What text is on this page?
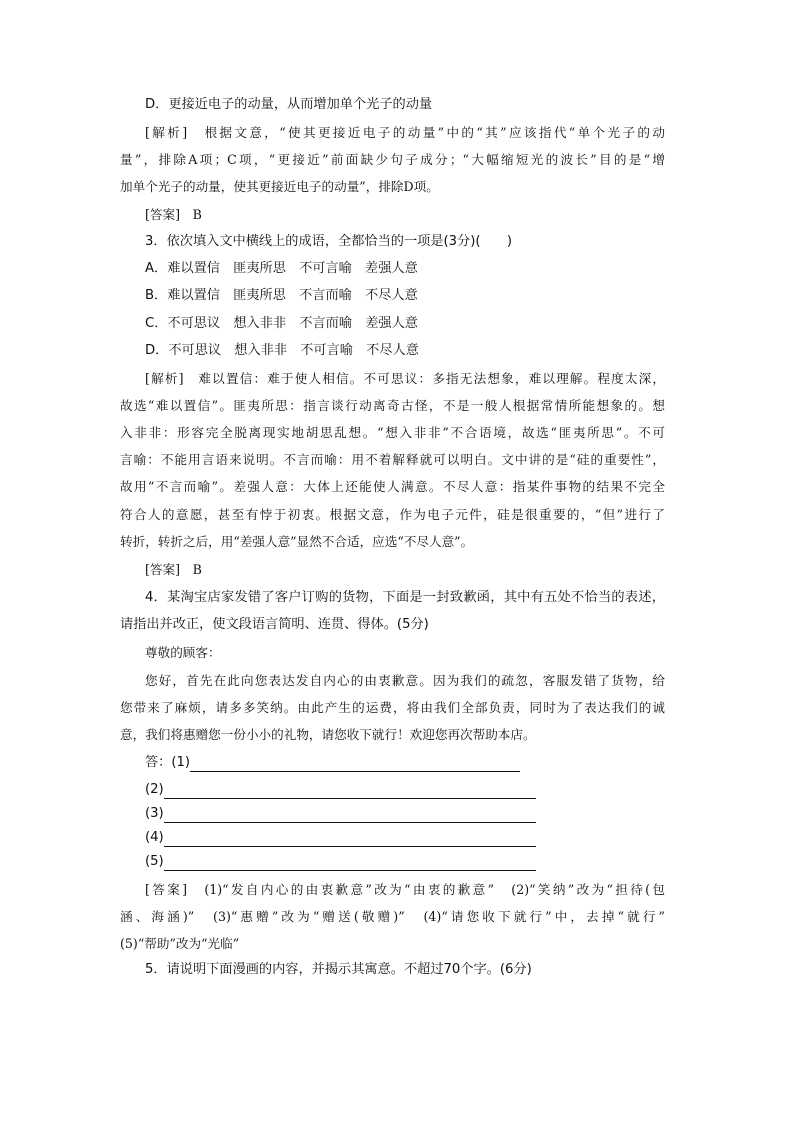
D．更接近电子的动量，从而增加单个光子的动量
[解析]　根据文意，“使其更接近电子的动量”中的“其”应该指代“单个光子的动
量”，排除A项；C项，“更接近”前面缺少句子成分；“大幅缩短光的波长”目的是“增
加单个光子的动量，使其更接近电子的动量”，排除D项。
[答案]　B
3．依次填入文中横线上的成语，全都恰当的一项是(3分)(　　)
A．难以置信　匪夷所思　不可言喻　差强人意
B．难以置信　匪夷所思　不言而喻　不尽人意
C．不可思议　想入非非　不言而喻　差强人意
D．不可思议　想入非非　不可言喻　不尽人意
[解析]　难以置信：难于使人相信。不可思议：多指无法想象，难以理解。程度太深，
故选“难以置信”。匪夷所思：指言谈行动离奇古怪，不是一般人根据常情所能想象的。想
入非非：形容完全脱离现实地胡思乱想。“想入非非”不合语境，故选“匪夷所思”。不可
言喻：不能用言语来说明。不言而喻：用不着解释就可以明白。文中讲的是“硅的重要性”，
故用“不言而喻”。差强人意：大体上还能使人满意。不尽人意：指某件事物的结果不完全
符合人的意愿，甚至有悖于初衷。根据文意，作为电子元件，硅是很重要的，“但”进行了
转折，转折之后，用“差强人意”显然不合适，应选“不尽人意”。
[答案]　B
4．某淘宝店家发错了客户订购的货物，下面是一封致歉函，其中有五处不恰当的表述，
请指出并改正，使文段语言简明、连贯、得体。(5分)
尊敬的顾客：
您好，首先在此向您表达发自内心的由衷歉意。因为我们的疏忽，客服发错了货物，给
您带来了麻烦，请多多笑纳。由此产生的运费，将由我们全部负责，同时为了表达我们的诚
意，我们将惠赠您一份小小的礼物，请您收下就行！欢迎您再次帮助本店。
答：(1)
(2)
(3)
(4)
(5)
[答案]　(1)“发自内心的由衷歉意”改为“由衷的歉意”　(2)“笑纳”改为“担待(包
涵、海涵)”　(3)“惠赠”改为“赠送(敬赠)”　(4)“请您收下就行”中，去掉“就行”
(5)“帮助”改为“光临”
5．请说明下面漫画的内容，并揭示其寓意。不超过70个字。(6分)
